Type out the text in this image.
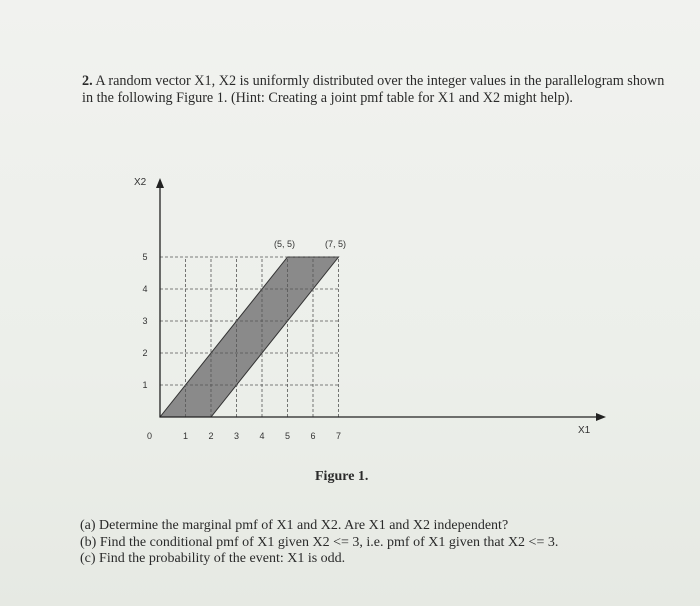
2. A random vector X1, X2 is uniformly distributed over the integer values in the parallelogram shown in the following Figure 1. (Hint: Creating a joint pmf table for X1 and X2 might help).
X1
X2
0	1 2 3 4 5 6 7
1
2
3
4
5
(5, 5)	(7, 5)
Figure 1.
(a) Determine the marginal pmf of X1 and X2. Are X1 and X2 independent?
(b) Find the conditional pmf of X1 given X2 <= 3, i.e. pmf of X1 given that X2 <= 3.
(c) Find the probability of the event: X1 is odd.
